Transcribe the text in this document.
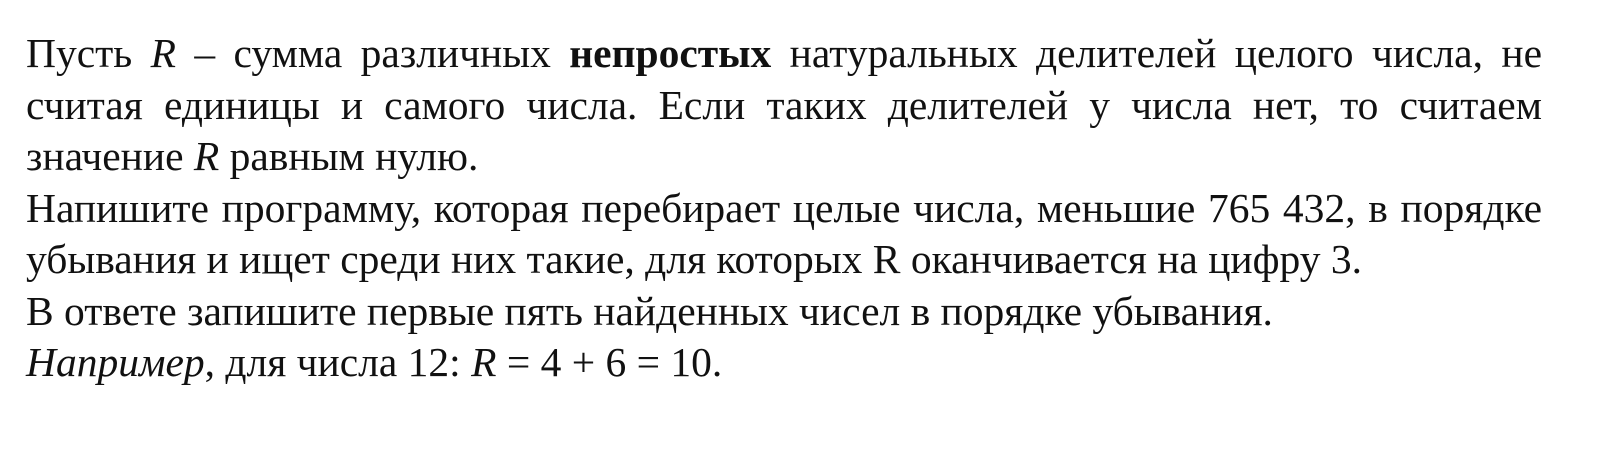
Пусть R – сумма различных непростых натуральных делителей целого числа, не считая единицы и самого числа. Если таких делителей у числа нет, то считаем значение R равным нулю.

Напишите программу, которая перебирает целые числа, меньшие 765 432, в порядке убывания и ищет среди них такие, для которых R оканчивается на цифру 3.

В ответе запишите первые пять найденных чисел в порядке убывания.

Например, для числа 12: R = 4 + 6 = 10.
